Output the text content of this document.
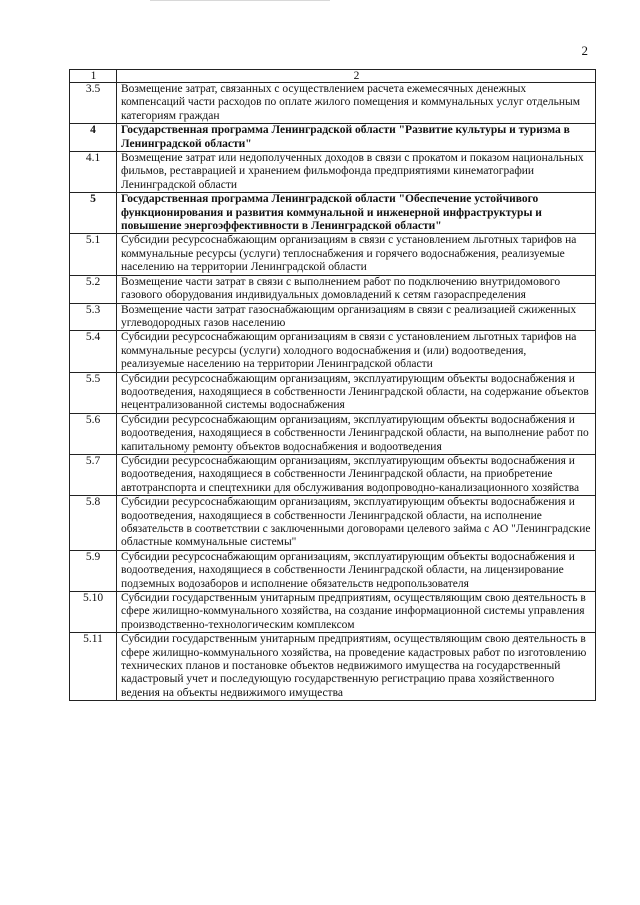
2
1	2
3.5	Возмещение затрат, связанных с осуществлением расчета ежемесячных денежных компенсаций части расходов по оплате жилого помещения и коммунальных услуг отдельным категориям граждан
4	Государственная программа Ленинградской области "Развитие культуры и туризма в Ленинградской области"
4.1	Возмещение затрат или недополученных доходов в связи с прокатом и показом национальных фильмов, реставрацией и хранением фильмофонда предприятиями кинематографии Ленинградской области
5	Государственная программа Ленинградской области "Обеспечение устойчивого функционирования и развития коммунальной и инженерной инфраструктуры и повышение энергоэффективности в Ленинградской области"
5.1	Субсидии ресурсоснабжающим организациям в связи с установлением льготных тарифов на коммунальные ресурсы (услуги) теплоснабжения и горячего водоснабжения, реализуемые населению на территории Ленинградской области
5.2	Возмещение части затрат в связи с выполнением работ по подключению внутридомового газового оборудования индивидуальных домовладений к сетям газораспределения
5.3	Возмещение части затрат газоснабжающим организациям в связи с реализацией сжиженных углеводородных газов населению
5.4	Субсидии ресурсоснабжающим организациям в связи с установлением льготных тарифов на коммунальные ресурсы (услуги) холодного водоснабжения и (или) водоотведения, реализуемые населению на территории Ленинградской области
5.5	Субсидии ресурсоснабжающим организациям, эксплуатирующим объекты водоснабжения и водоотведения, находящиеся в собственности Ленинградской области, на содержание объектов нецентрализованной системы водоснабжения
5.6	Субсидии ресурсоснабжающим организациям, эксплуатирующим объекты водоснабжения и водоотведения, находящиеся в собственности Ленинградской области, на выполнение работ по капитальному ремонту объектов водоснабжения и водоотведения
5.7	Субсидии ресурсоснабжающим организациям, эксплуатирующим объекты водоснабжения и водоотведения, находящиеся в собственности Ленинградской области, на приобретение автотранспорта и спецтехники для обслуживания водопроводно-канализационного хозяйства
5.8	Субсидии ресурсоснабжающим организациям, эксплуатирующим объекты водоснабжения и водоотведения, находящиеся в собственности Ленинградской области, на исполнение обязательств в соответствии с заключенными договорами целевого займа с АО "Ленинградские областные коммунальные системы"
5.9	Субсидии ресурсоснабжающим организациям, эксплуатирующим объекты водоснабжения и водоотведения, находящиеся в собственности Ленинградской области, на лицензирование подземных водозаборов и исполнение обязательств недропользователя
5.10	Субсидии государственным унитарным предприятиям, осуществляющим свою деятельность в сфере жилищно-коммунального хозяйства, на создание информационной системы управления производственно-технологическим комплексом
5.11	Субсидии государственным унитарным предприятиям, осуществляющим свою деятельность в сфере жилищно-коммунального хозяйства, на проведение кадастровых работ по изготовлению технических планов и постановке объектов недвижимого имущества на государственный кадастровый учет и последующую государственную регистрацию права хозяйственного ведения на объекты недвижимого имущества
